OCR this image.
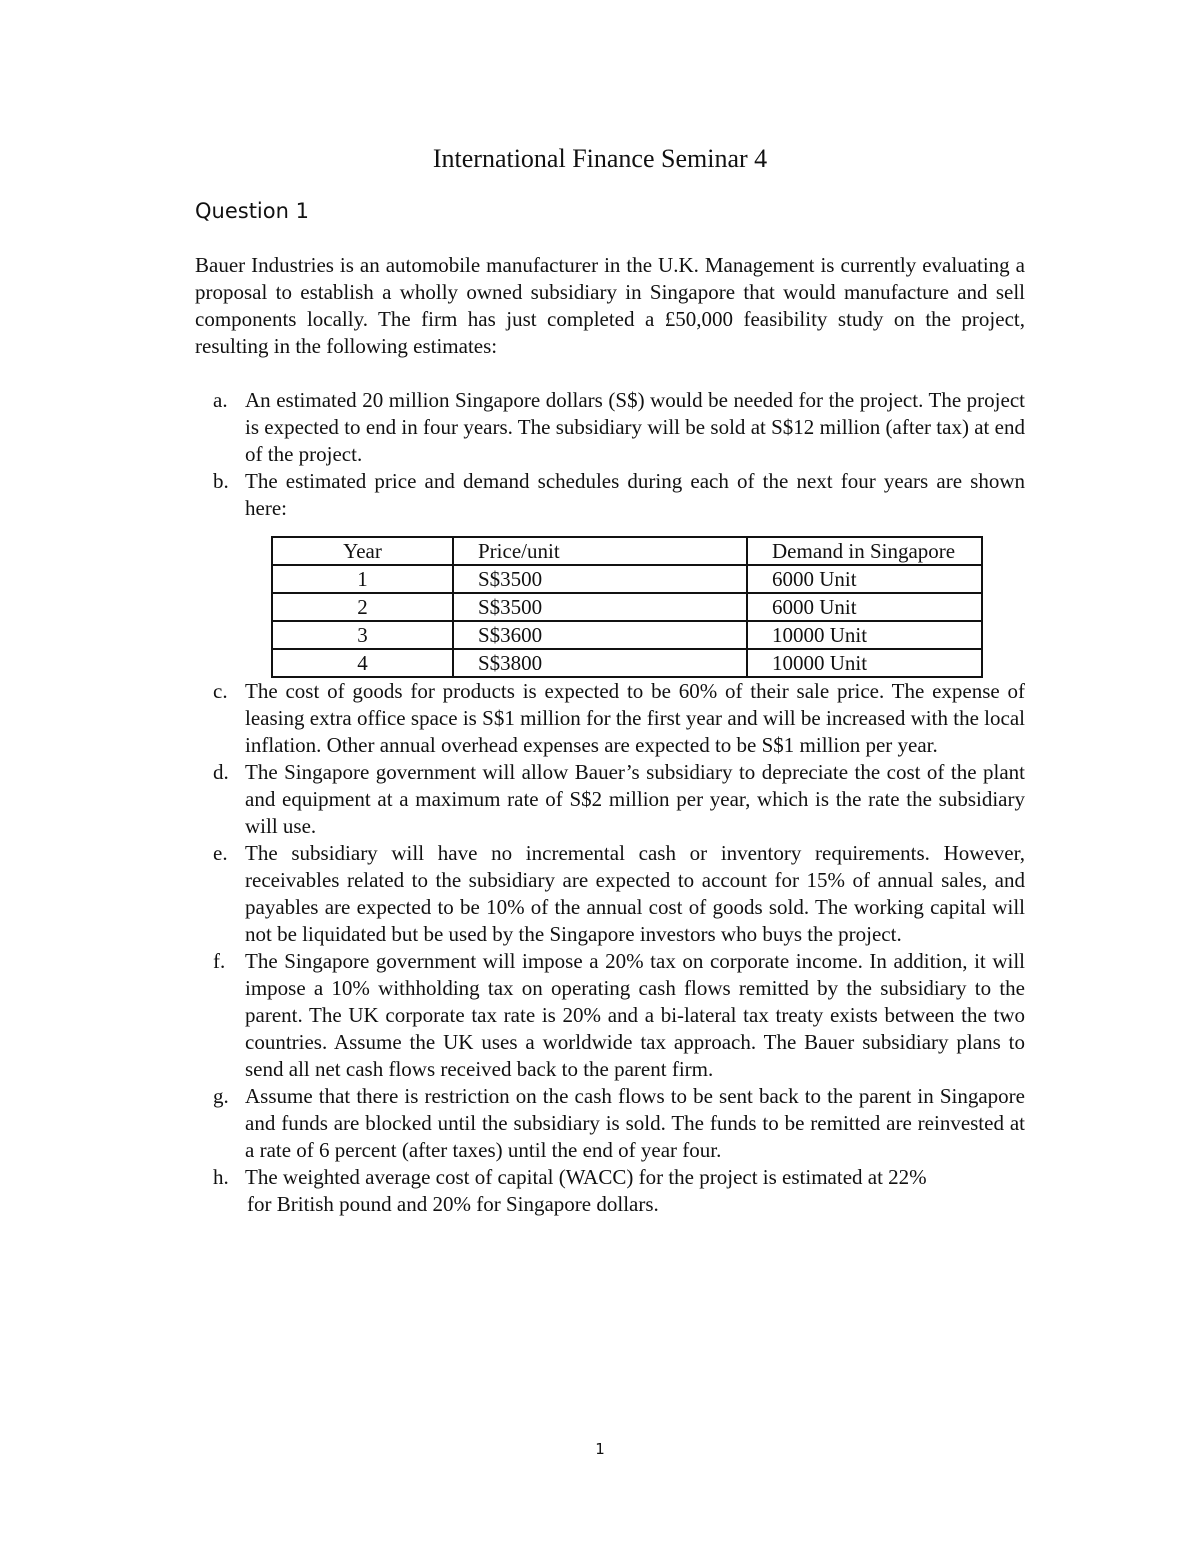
International Finance Seminar 4
Question 1

Bauer Industries is an automobile manufacturer in the U.K. Management is currently evaluating a proposal to establish a wholly owned subsidiary in Singapore that would manufacture and sell components locally. The firm has just completed a £50,000 feasibility study on the project, resulting in the following estimates:

a. An estimated 20 million Singapore dollars (S$) would be needed for the project. The project is expected to end in four years. The subsidiary will be sold at S$12 million (after tax) at end of the project.
b. The estimated price and demand schedules during each of the next four years are shown here:
Year	Price/unit	Demand in Singapore
1	S$3500	6000 Unit
2	S$3500	6000 Unit
3	S$3600	10000 Unit
4	S$3800	10000 Unit
c. The cost of goods for products is expected to be 60% of their sale price. The expense of leasing extra office space is S$1 million for the first year and will be increased with the local inflation. Other annual overhead expenses are expected to be S$1 million per year.
d. The Singapore government will allow Bauer’s subsidiary to depreciate the cost of the plant and equipment at a maximum rate of S$2 million per year, which is the rate the subsidiary will use.
e. The subsidiary will have no incremental cash or inventory requirements. However, receivables related to the subsidiary are expected to account for 15% of annual sales, and payables are expected to be 10% of the annual cost of goods sold. The working capital will not be liquidated but be used by the Singapore investors who buys the project.
f. The Singapore government will impose a 20% tax on corporate income. In addition, it will impose a 10% withholding tax on operating cash flows remitted by the subsidiary to the parent. The UK corporate tax rate is 20% and a bi-lateral tax treaty exists between the two countries. Assume the UK uses a worldwide tax approach. The Bauer subsidiary plans to send all net cash flows received back to the parent firm.
g. Assume that there is restriction on the cash flows to be sent back to the parent in Singapore and funds are blocked until the subsidiary is sold. The funds to be remitted are reinvested at a rate of 6 percent (after taxes) until the end of year four.
h. The weighted average cost of capital (WACC) for the project is estimated at 22%
for British pound and 20% for Singapore dollars.

1
